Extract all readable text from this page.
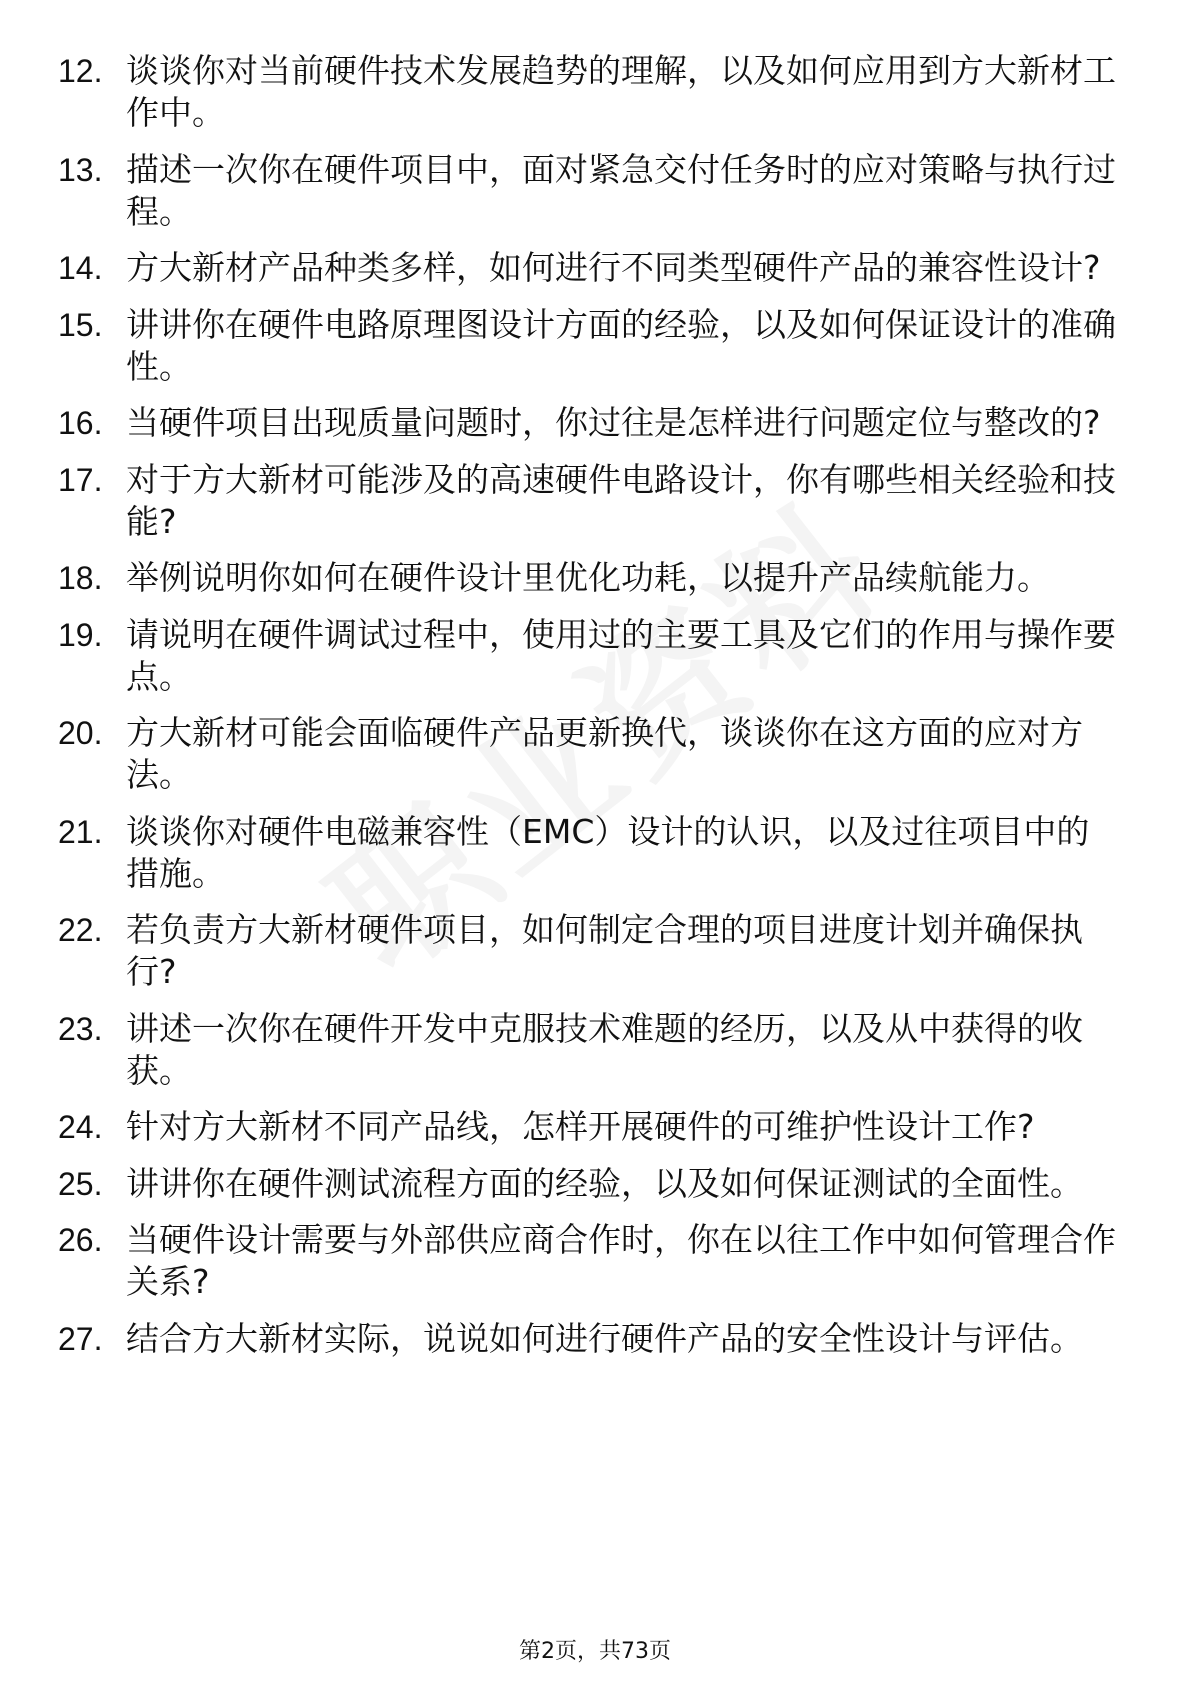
12. 谈谈你对当前硬件技术发展趋势的理解，以及如何应用到方大新材工作中。
13. 描述一次你在硬件项目中，面对紧急交付任务时的应对策略与执行过程。
14. 方大新材产品种类多样，如何进行不同类型硬件产品的兼容性设计?
15. 讲讲你在硬件电路原理图设计方面的经验，以及如何保证设计的准确性。
16. 当硬件项目出现质量问题时，你过往是怎样进行问题定位与整改的?
17. 对于方大新材可能涉及的高速硬件电路设计，你有哪些相关经验和技能?
18. 举例说明你如何在硬件设计里优化功耗，以提升产品续航能力。
19. 请说明在硬件调试过程中，使用过的主要工具及它们的作用与操作要点。
20. 方大新材可能会面临硬件产品更新换代，谈谈你在这方面的应对方法。
21. 谈谈你对硬件电磁兼容性（EMC）设计的认识，以及过往项目中的措施。
22. 若负责方大新材硬件项目，如何制定合理的项目进度计划并确保执行?
23. 讲述一次你在硬件开发中克服技术难题的经历，以及从中获得的收获。
24. 针对方大新材不同产品线，怎样开展硬件的可维护性设计工作?
25. 讲讲你在硬件测试流程方面的经验，以及如何保证测试的全面性。
26. 当硬件设计需要与外部供应商合作时，你在以往工作中如何管理合作关系?
27. 结合方大新材实际，说说如何进行硬件产品的安全性设计与评估。
第2页，共73页
